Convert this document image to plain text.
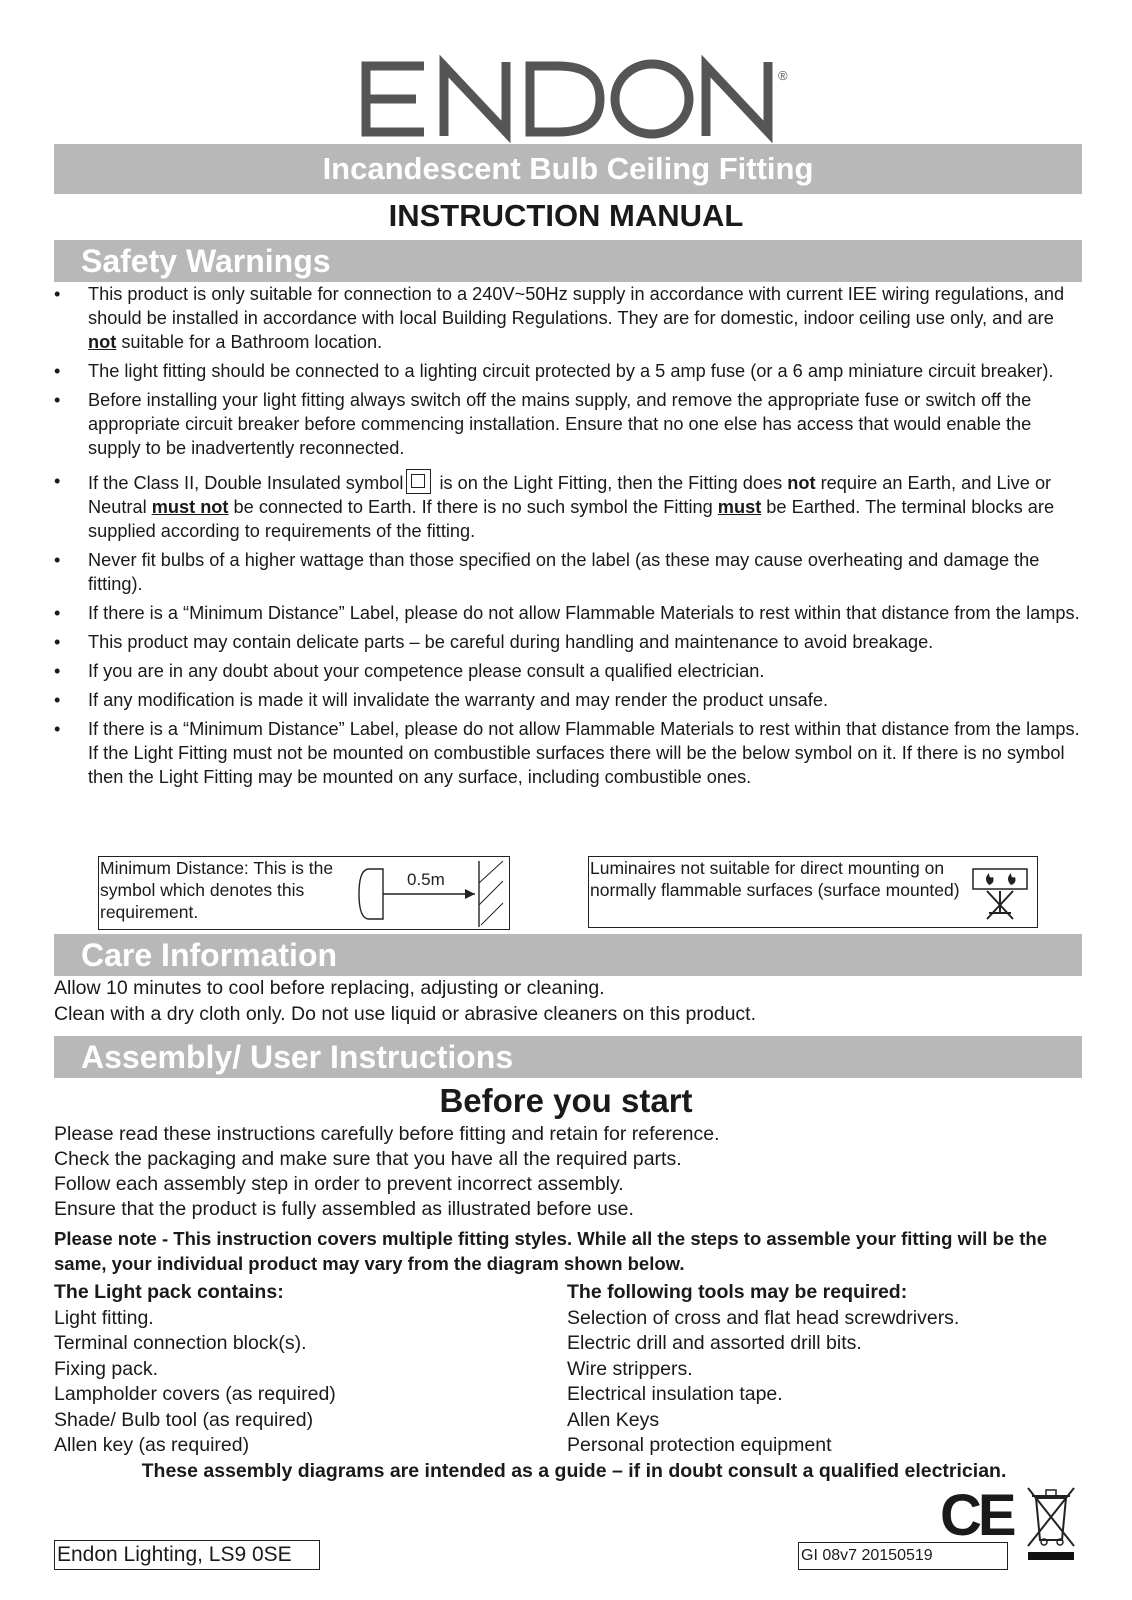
®
Incandescent Bulb Ceiling Fitting
INSTRUCTION MANUAL
Safety Warnings
• This product is only suitable for connection to a 240V~50Hz supply in accordance with current IEE wiring regulations, and should be installed in accordance with local Building Regulations. They are for domestic, indoor ceiling use only, and are not suitable for a Bathroom location.
• The light fitting should be connected to a lighting circuit protected by a 5 amp fuse (or a 6 amp miniature circuit breaker).
• Before installing your light fitting always switch off the mains supply, and remove the appropriate fuse or switch off the appropriate circuit breaker before commencing installation. Ensure that no one else has access that would enable the supply to be inadvertently reconnected.
• If the Class II, Double Insulated symbol is on the Light Fitting, then the Fitting does not require an Earth, and Live or Neutral must not be connected to Earth. If there is no such symbol the Fitting must be Earthed. The terminal blocks are supplied according to requirements of the fitting.
• Never fit bulbs of a higher wattage than those specified on the label (as these may cause overheating and damage the fitting).
• If there is a “Minimum Distance” Label, please do not allow Flammable Materials to rest within that distance from the lamps.
• This product may contain delicate parts – be careful during handling and maintenance to avoid breakage.
• If you are in any doubt about your competence please consult a qualified electrician.
• If any modification is made it will invalidate the warranty and may render the product unsafe.
• If there is a “Minimum Distance” Label, please do not allow Flammable Materials to rest within that distance from the lamps. If the Light Fitting must not be mounted on combustible surfaces there will be the below symbol on it. If there is no symbol then the Light Fitting may be mounted on any surface, including combustible ones.
Minimum Distance: This is the symbol which denotes this requirement.
0.5m
Luminaires not suitable for direct mounting on normally flammable surfaces (surface mounted)
Care Information
Allow 10 minutes to cool before replacing, adjusting or cleaning.
Clean with a dry cloth only. Do not use liquid or abrasive cleaners on this product.
Assembly/ User Instructions
Before you start
Please read these instructions carefully before fitting and retain for reference.
Check the packaging and make sure that you have all the required parts.
Follow each assembly step in order to prevent incorrect assembly.
Ensure that the product is fully assembled as illustrated before use.
Please note - This instruction covers multiple fitting styles. While all the steps to assemble your fitting will be the same, your individual product may vary from the diagram shown below.
The Light pack contains:
Light fitting.
Terminal connection block(s).
Fixing pack.
Lampholder covers (as required)
Shade/ Bulb tool (as required)
Allen key (as required)
The following tools may be required:
Selection of cross and flat head screwdrivers.
Electric drill and assorted drill bits.
Wire strippers.
Electrical insulation tape.
Allen Keys
Personal protection equipment
These assembly diagrams are intended as a guide – if in doubt consult a qualified electrician.
CE
Endon Lighting, LS9 0SE	GI 08v7 20150519
